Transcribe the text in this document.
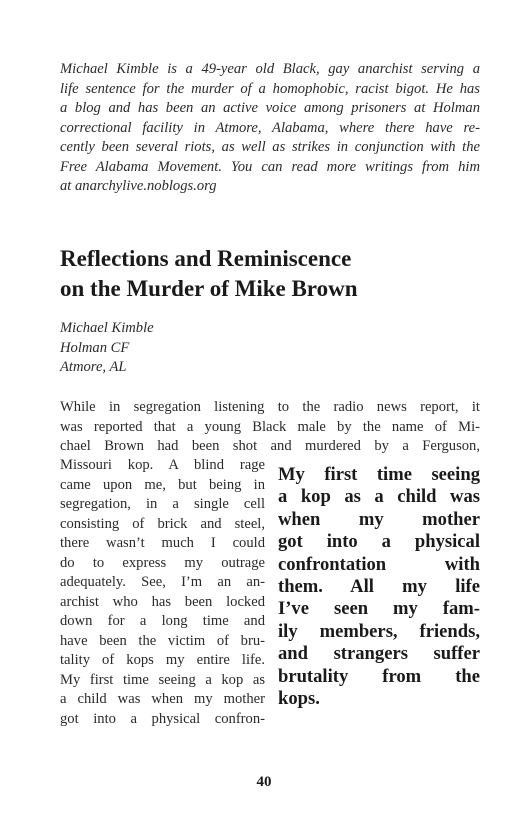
Michael Kimble is a 49-year old Black, gay anarchist serving a
life sentence for the murder of a homophobic, racist bigot. He has
a blog and has been an active voice among prisoners at Holman
correctional facility in Atmore, Alabama, where there have re-
cently been several riots, as well as strikes in conjunction with the
Free Alabama Movement. You can read more writings from him
at anarchylive.noblogs.org
Reflections and Reminiscence
on the Murder of Mike Brown
Michael Kimble
Holman CF
Atmore, AL
While in segregation listening to the radio news report, it
was reported that a young Black male by the name of Mi-
chael Brown had been shot and murdered by a Ferguson,
Missouri kop. A blind rage
came upon me, but being in
segregation, in a single cell
consisting of brick and steel,
there wasn’t much I could
do to express my outrage
adequately. See, I’m an an-
archist who has been locked
down for a long time and
have been the victim of bru-
tality of kops my entire life.
My first time seeing a kop as
a child was when my mother
got into a physical confron-
My first time seeing
a kop as a child was
when my mother
got into a physical
confrontation with
them. All my life
I’ve seen my fam-
ily members, friends,
and strangers suffer
brutality from the
kops.
40
